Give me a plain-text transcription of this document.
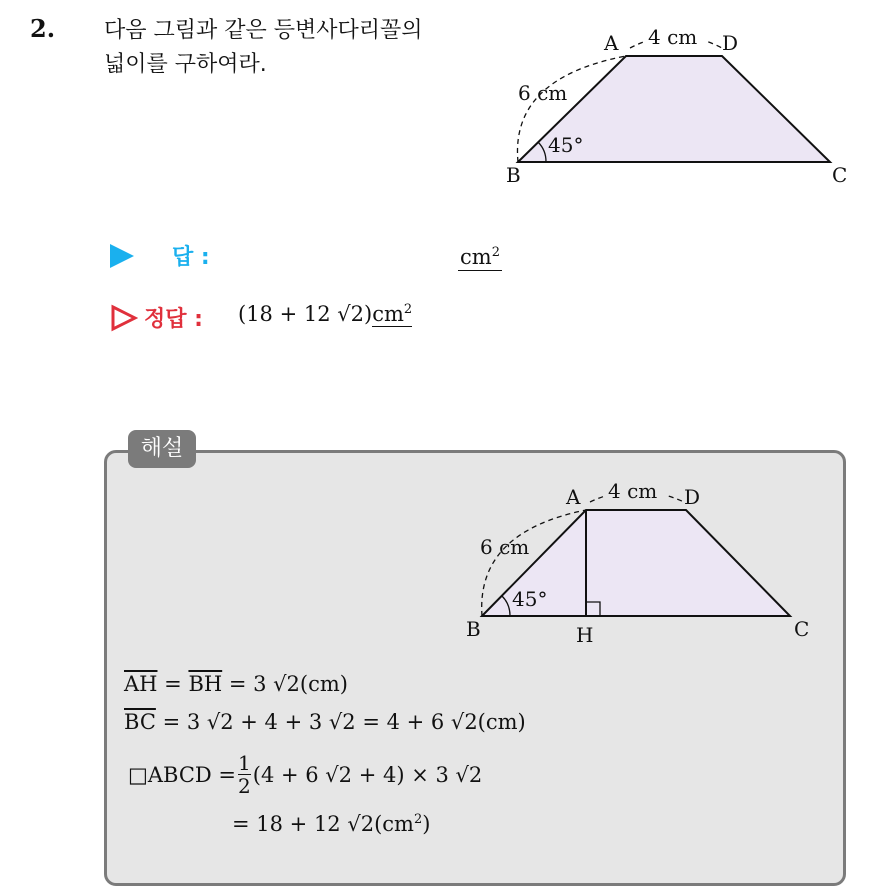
2. 다음 그림과 같은 등변사다리꼴의
넓이를 구하여라.
A	D
B	C
4 cm
6 cm
45°
답 :	$cm^2$
정답 : (18 + 12 $√2)cm^2$
해설
A	D
B	C
H
4 cm
6 cm
45°
$\overline{AH} = \overline{BH} = 3$ √2(cm)
$\overline{BC} = 3$ √2 + 4 + 3 √2 = 4 + 6 √2(cm)
□ABCD = $\frac{1}{2} (4 + 6$ √2 + 4) × 3 √2
= 18 + 12 $√2(cm^2)$
